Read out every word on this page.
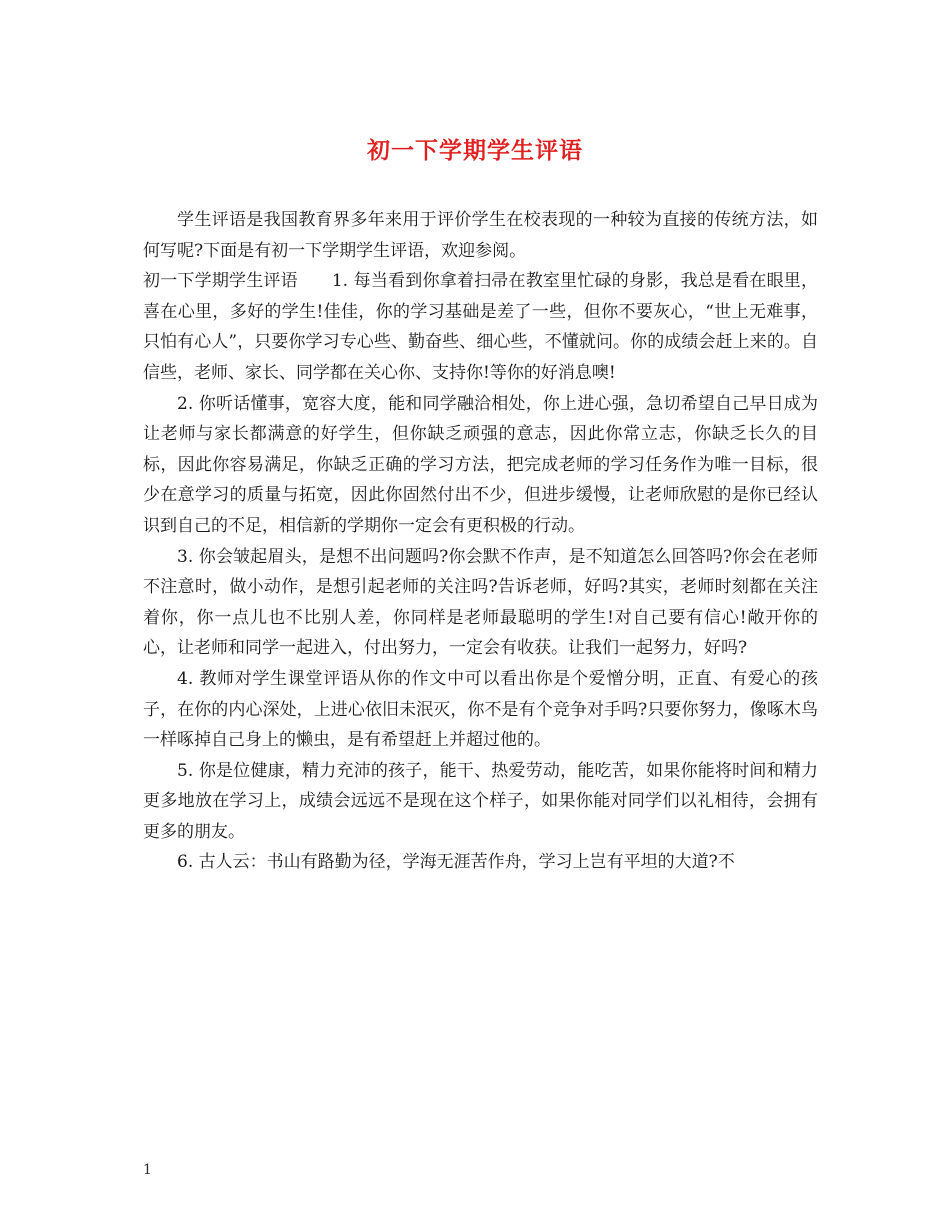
初一下学期学生评语

学生评语是我国教育界多年来用于评价学生在校表现的一种较为直接的传统方法，如何写呢?下面是有初一下学期学生评语，欢迎参阅。

初一下学期学生评语 1. 每当看到你拿着扫帚在教室里忙碌的身影，我总是看在眼里，喜在心里，多好的学生!佳佳，你的学习基础是差了一些，但你不要灰心，“世上无难事，只怕有心人”，只要你学习专心些、勤奋些、细心些，不懂就问。你的成绩会赶上来的。自信些，老师、家长、同学都在关心你、支持你!等你的好消息噢!

2. 你听话懂事，宽容大度，能和同学融洽相处，你上进心强，急切希望自己早日成为让老师与家长都满意的好学生，但你缺乏顽强的意志，因此你常立志，你缺乏长久的目标，因此你容易满足，你缺乏正确的学习方法，把完成老师的学习任务作为唯一目标，很少在意学习的质量与拓宽，因此你固然付出不少，但进步缓慢，让老师欣慰的是你已经认识到自己的不足，相信新的学期你一定会有更积极的行动。

3. 你会皱起眉头，是想不出问题吗?你会默不作声，是不知道怎么回答吗?你会在老师不注意时，做小动作，是想引起老师的关注吗?告诉老师，好吗?其实，老师时刻都在关注着你，你一点儿也不比别人差，你同样是老师最聪明的学生!对自己要有信心!敞开你的心，让老师和同学一起进入，付出努力，一定会有收获。让我们一起努力，好吗?

4. 教师对学生课堂评语从你的作文中可以看出你是个爱憎分明，正直、有爱心的孩子，在你的内心深处，上进心依旧未泯灭，你不是有个竞争对手吗?只要你努力，像啄木鸟一样啄掉自己身上的懒虫，是有希望赶上并超过他的。

5. 你是位健康，精力充沛的孩子，能干、热爱劳动，能吃苦，如果你能将时间和精力更多地放在学习上，成绩会远远不是现在这个样子，如果你能对同学们以礼相待，会拥有更多的朋友。

6. 古人云：书山有路勤为径，学海无涯苦作舟，学习上岂有平坦的大道?不

1
